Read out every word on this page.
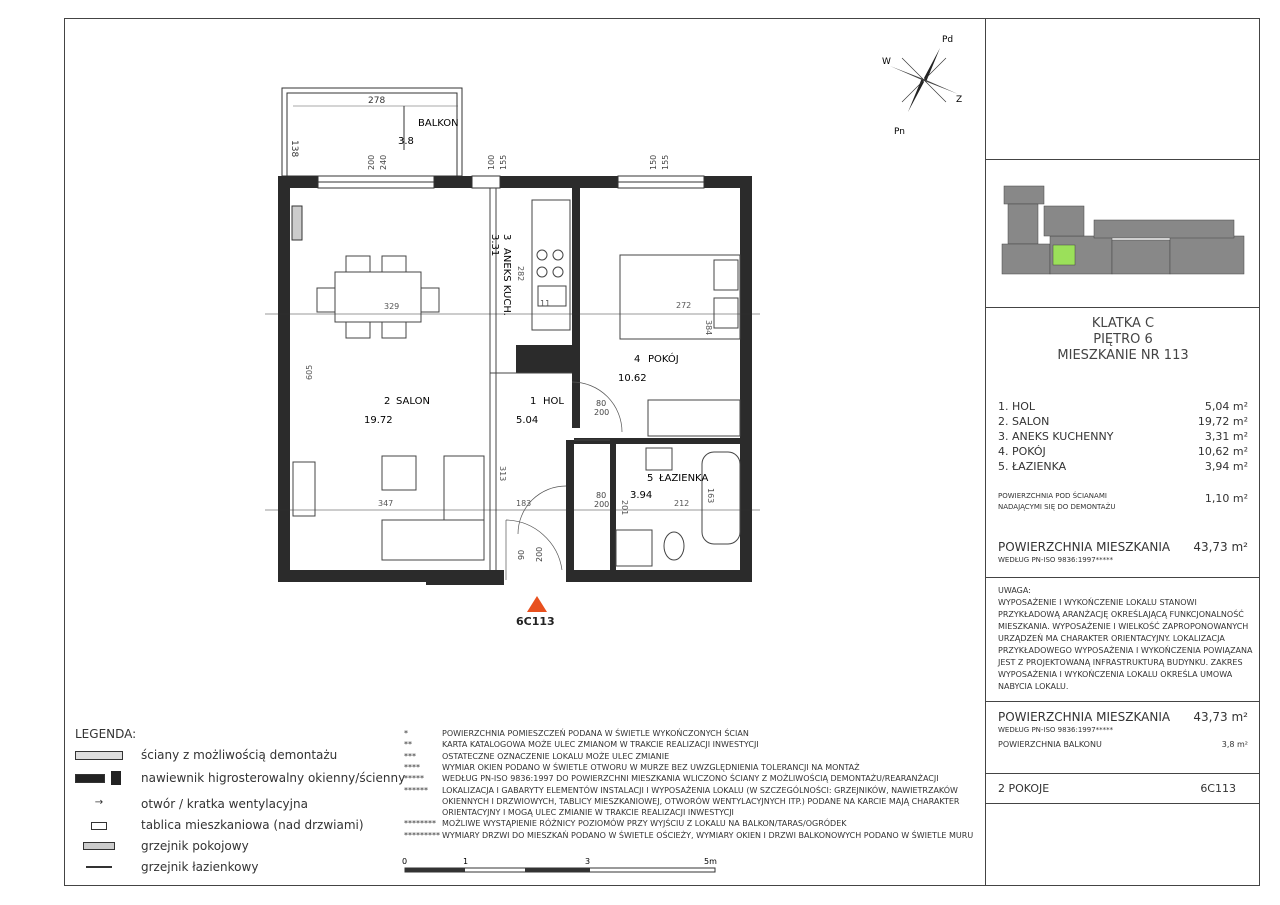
278
138
BALKON
3.8
2 SALON
19.72
3
ANEKS KUCH.
3.31
1 HOL
5.04
4 POKÓJ
10.62
5 ŁAZIENKA
3.94
329
347
605
272
282
11
384
313
183	212
163
201
80
200
80
200
90 200
200 240	100 155	150 155
6C113
Pd
Z
Pn
W
0	1	3	5m
LEGENDA:
ściany z możliwością demontażu
nawiewnik higrosterowalny okienny/ścienny
→	otwór / kratka wentylacyjna
tablica mieszkaniowa (nad drzwiami)
grzejnik pokojowy
grzejnik łazienkowy
*	POWIERZCHNIA POMIESZCZEŃ PODANA W ŚWIETLE WYKOŃCZONYCH ŚCIAN
**	KARTA KATALOGOWA MOŻE ULEC ZMIANOM W TRAKCIE REALIZACJI INWESTYCJI
***	OSTATECZNE OZNACZENIE LOKALU MOŻE ULEC ZMIANIE
****	WYMIAR OKIEN PODANO W ŚWIETLE OTWORU W MURZE BEZ UWZGLĘDNIENIA TOLERANCJI NA MONTAŻ
***** WEDŁUG PN-ISO 9836:1997 DO POWIERZCHNI MIESZKANIA WLICZONO ŚCIANY Z MOŻLIWOŚCIĄ DEMONTAŻU/REARANŻACJI
****** LOKALIZACJA I GABARYTY ELEMENTÓW INSTALACJI I WYPOSAŻENIA LOKALU (W SZCZEGÓLNOŚCI: GRZEJNIKÓW, NAWIETRZAKÓW
OKIENNYCH I DRZWIOWYCH, TABLICY MIESZKANIOWEJ, OTWORÓW WENTYLACYJNYCH ITP.) PODANE NA KARCIE MAJĄ CHARAKTER
ORIENTACYJNY I MOGĄ ULEC ZMIANIE W TRAKCIE REALIZACJI INWESTYCJI
******** MOŻLIWE WYSTĄPIENIE RÓŻNICY POZIOMÓW PRZY WYJŚCIU Z LOKALU NA BALKON/TARAS/OGRÓDEK
********* WYMIARY DRZWI DO MIESZKAŃ PODANO W ŚWIETLE OŚCIEŻY, WYMIARY OKIEN I DRZWI BALKONOWYCH PODANO W ŚWIETLE MURU
KLATKA C
PIĘTRO 6
MIESZKANIE NR 113
1. HOL	5,04 m²
2. SALON	19,72 m²
3. ANEKS KUCHENNY	3,31 m²
4. POKÓJ	10,62 m²
5. ŁAZIENKA	3,94 m²
POWIERZCHNIA POD ŚCIANAMI
NADAJĄCYMI SIĘ DO DEMONTAŻU
1,10 m²
POWIERZCHNIA MIESZKANIA
WEDŁUG PN-ISO 9836:1997*****
43,73 m²
UWAGA:
WYPOSAŻENIE I WYKOŃCZENIE LOKALU STANOWI
PRZYKŁADOWĄ ARANŻACJĘ OKREŚLAJĄCĄ FUNKCJONALNOŚĆ
MIESZKANIA. WYPOSAŻENIE I WIELKOŚĆ ZAPROPONOWANYCH
URZĄDZEŃ MA CHARAKTER ORIENTACYJNY. LOKALIZACJA
PRZYKŁADOWEGO WYPOSAŻENIA I WYKOŃCZENIA POWIĄZANA
JEST Z PROJEKTOWANĄ INFRASTRUKTURĄ BUDYNKU. ZAKRES
WYPOSAŻENIA I WYKOŃCZENIA LOKALU OKREŚLA UMOWA
NABYCIA LOKALU.
POWIERZCHNIA MIESZKANIA
WEDŁUG PN-ISO 9836:1997*****
43,73 m²
POWIERZCHNIA BALKONU	3,8 m²
2 POKOJE	6C113
